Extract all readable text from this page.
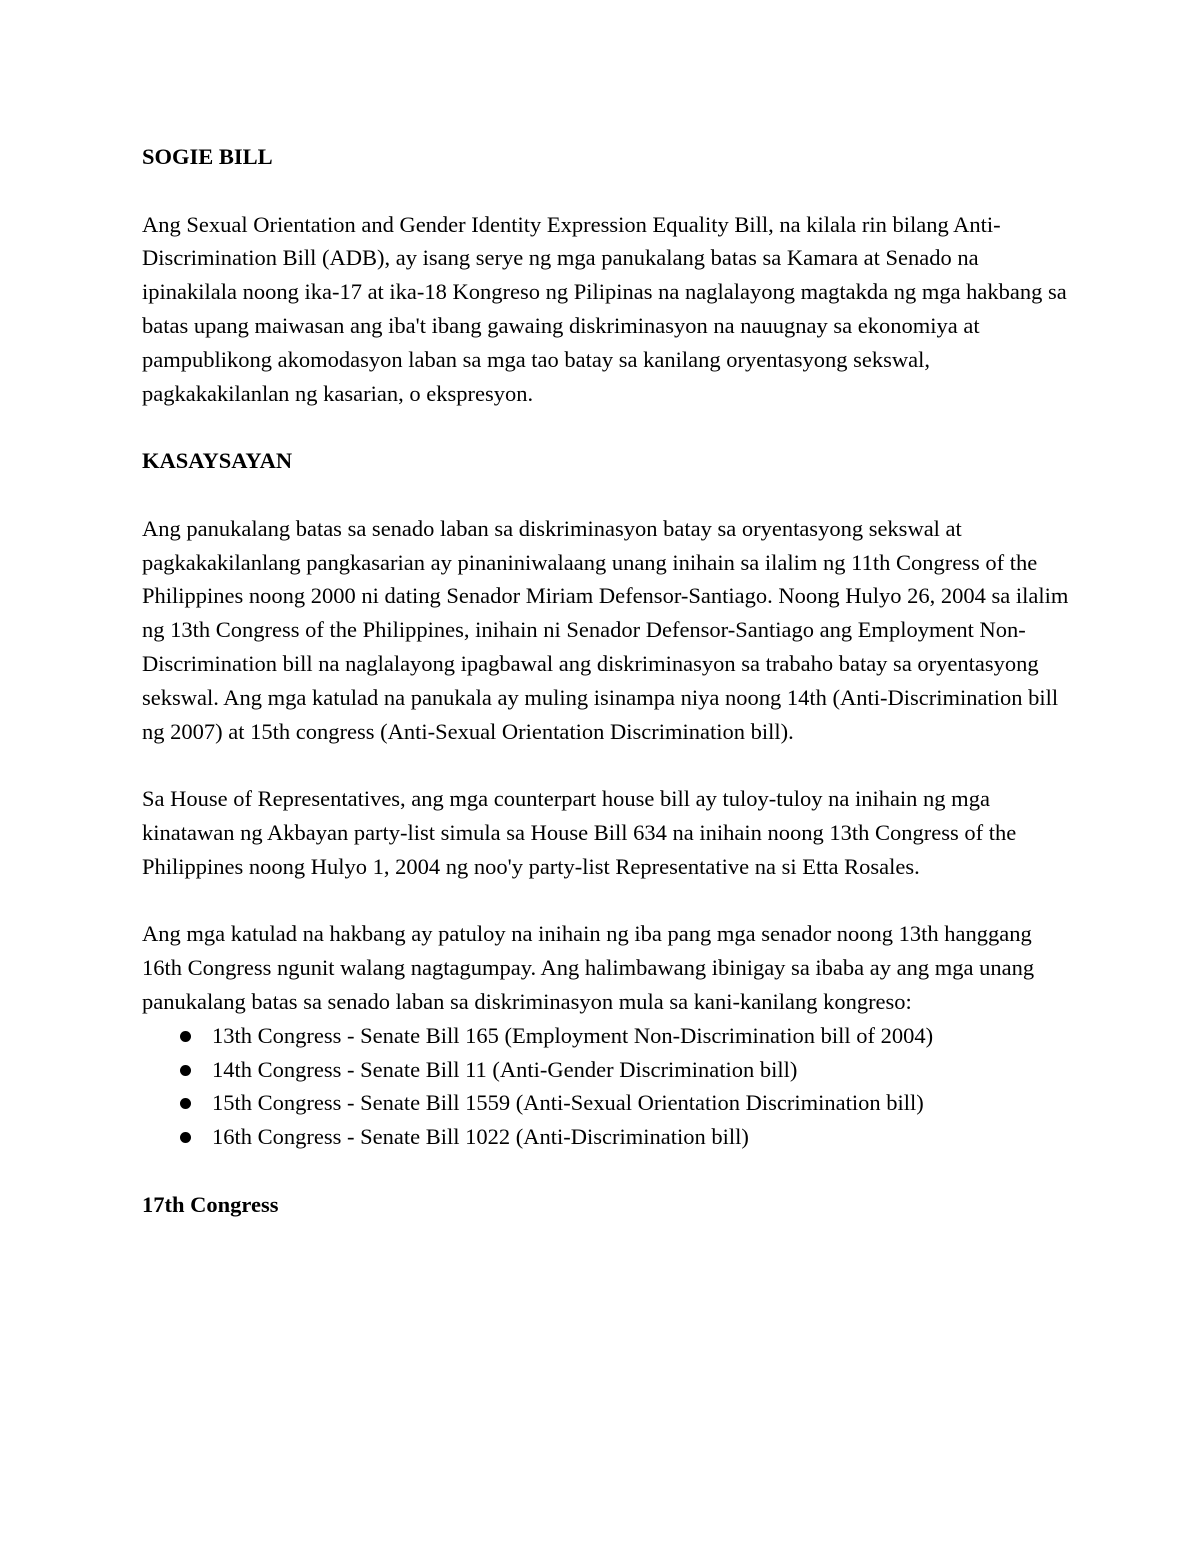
SOGIE BILL

Ang Sexual Orientation and Gender Identity Expression Equality Bill, na kilala rin bilang Anti-Discrimination Bill (ADB), ay isang serye ng mga panukalang batas sa Kamara at Senado na ipinakilala noong ika-17 at ika-18 Kongreso ng Pilipinas na naglalayong magtakda ng mga hakbang sa batas upang maiwasan ang iba't ibang gawaing diskriminasyon na nauugnay sa ekonomiya at pampublikong akomodasyon laban sa mga tao batay sa kanilang oryentasyong sekswal, pagkakakilanlan ng kasarian, o ekspresyon.

KASAYSAYAN

Ang panukalang batas sa senado laban sa diskriminasyon batay sa oryentasyong sekswal at pagkakakilanlang pangkasarian ay pinaniniwalaang unang inihain sa ilalim ng 11th Congress of the Philippines noong 2000 ni dating Senador Miriam Defensor-Santiago. Noong Hulyo 26, 2004 sa ilalim ng 13th Congress of the Philippines, inihain ni Senador Defensor-Santiago ang Employment Non-Discrimination bill na naglalayong ipagbawal ang diskriminasyon sa trabaho batay sa oryentasyong sekswal. Ang mga katulad na panukala ay muling isinampa niya noong 14th (Anti-Discrimination bill ng 2007) at 15th congress (Anti-Sexual Orientation Discrimination bill).

Sa House of Representatives, ang mga counterpart house bill ay tuloy-tuloy na inihain ng mga kinatawan ng Akbayan party-list simula sa House Bill 634 na inihain noong 13th Congress of the Philippines noong Hulyo 1, 2004 ng noo'y party-list Representative na si Etta Rosales.

Ang mga katulad na hakbang ay patuloy na inihain ng iba pang mga senador noong 13th hanggang 16th Congress ngunit walang nagtagumpay. Ang halimbawang ibinigay sa ibaba ay ang mga unang panukalang batas sa senado laban sa diskriminasyon mula sa kani-kanilang kongreso:

13th Congress - Senate Bill 165 (Employment Non-Discrimination bill of 2004)
14th Congress - Senate Bill 11 (Anti-Gender Discrimination bill)
15th Congress - Senate Bill 1559 (Anti-Sexual Orientation Discrimination bill)
16th Congress - Senate Bill 1022 (Anti-Discrimination bill)

17th Congress
